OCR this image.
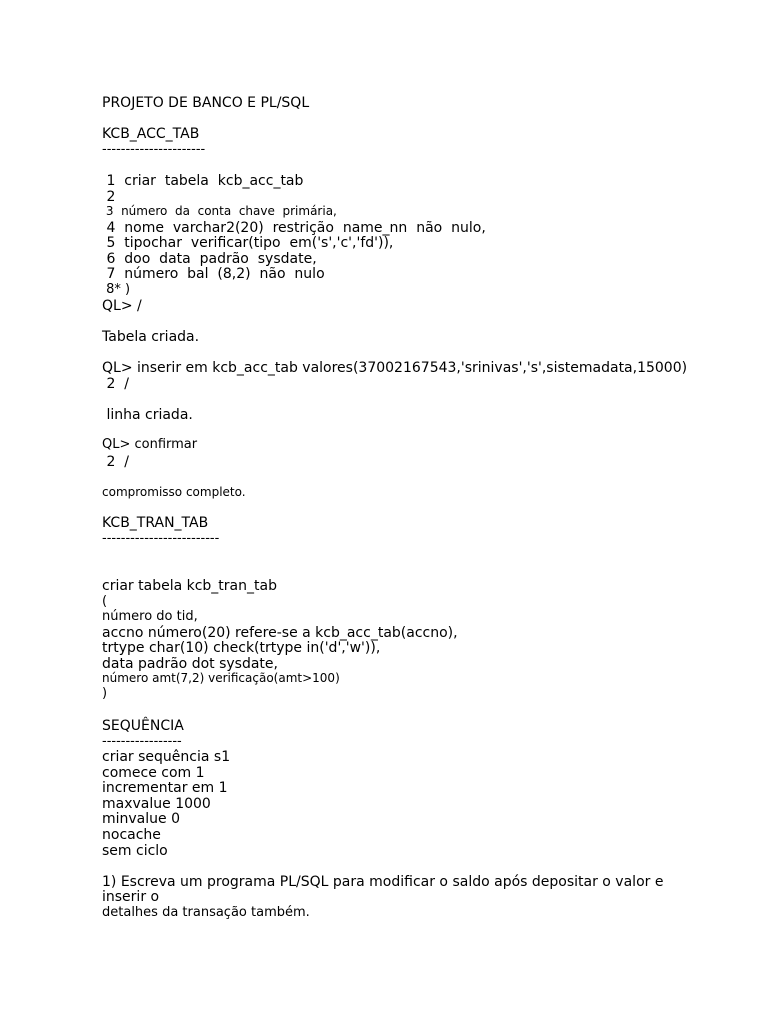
PROJETO DE BANCO E PL/SQL
KCB_ACC_TAB
----------------------
1  criar  tabela  kcb_acc_tab
2
3  número  da  conta  chave  primária,
4  nome  varchar2(20)  restrição  name_nn  não  nulo,
5  tipochar  verificar(tipo  em('s','c','fd')),
6  doo  data  padrão  sysdate,
7  número  bal  (8,2)  não  nulo
8* )
QL> /
Tabela criada.
QL> inserir em kcb_acc_tab valores(37002167543,'srinivas','s',sistemadata,15000)
2  /
linha criada.
QL> confirmar
2  /
compromisso completo.
KCB_TRAN_TAB
-------------------------
criar tabela kcb_tran_tab
(
número do tid,
accno número(20) refere-se a kcb_acc_tab(accno),
trtype char(10) check(trtype in('d','w')),
data padrão dot sysdate,
número amt(7,2) verificação(amt>100)
)
SEQUÊNCIA
-----------------
criar sequência s1
comece com 1
incrementar em 1
maxvalue 1000
minvalue 0
nocache
sem ciclo
1) Escreva um programa PL/SQL para modificar o saldo após depositar o valor e
inserir o
detalhes da transação também.
